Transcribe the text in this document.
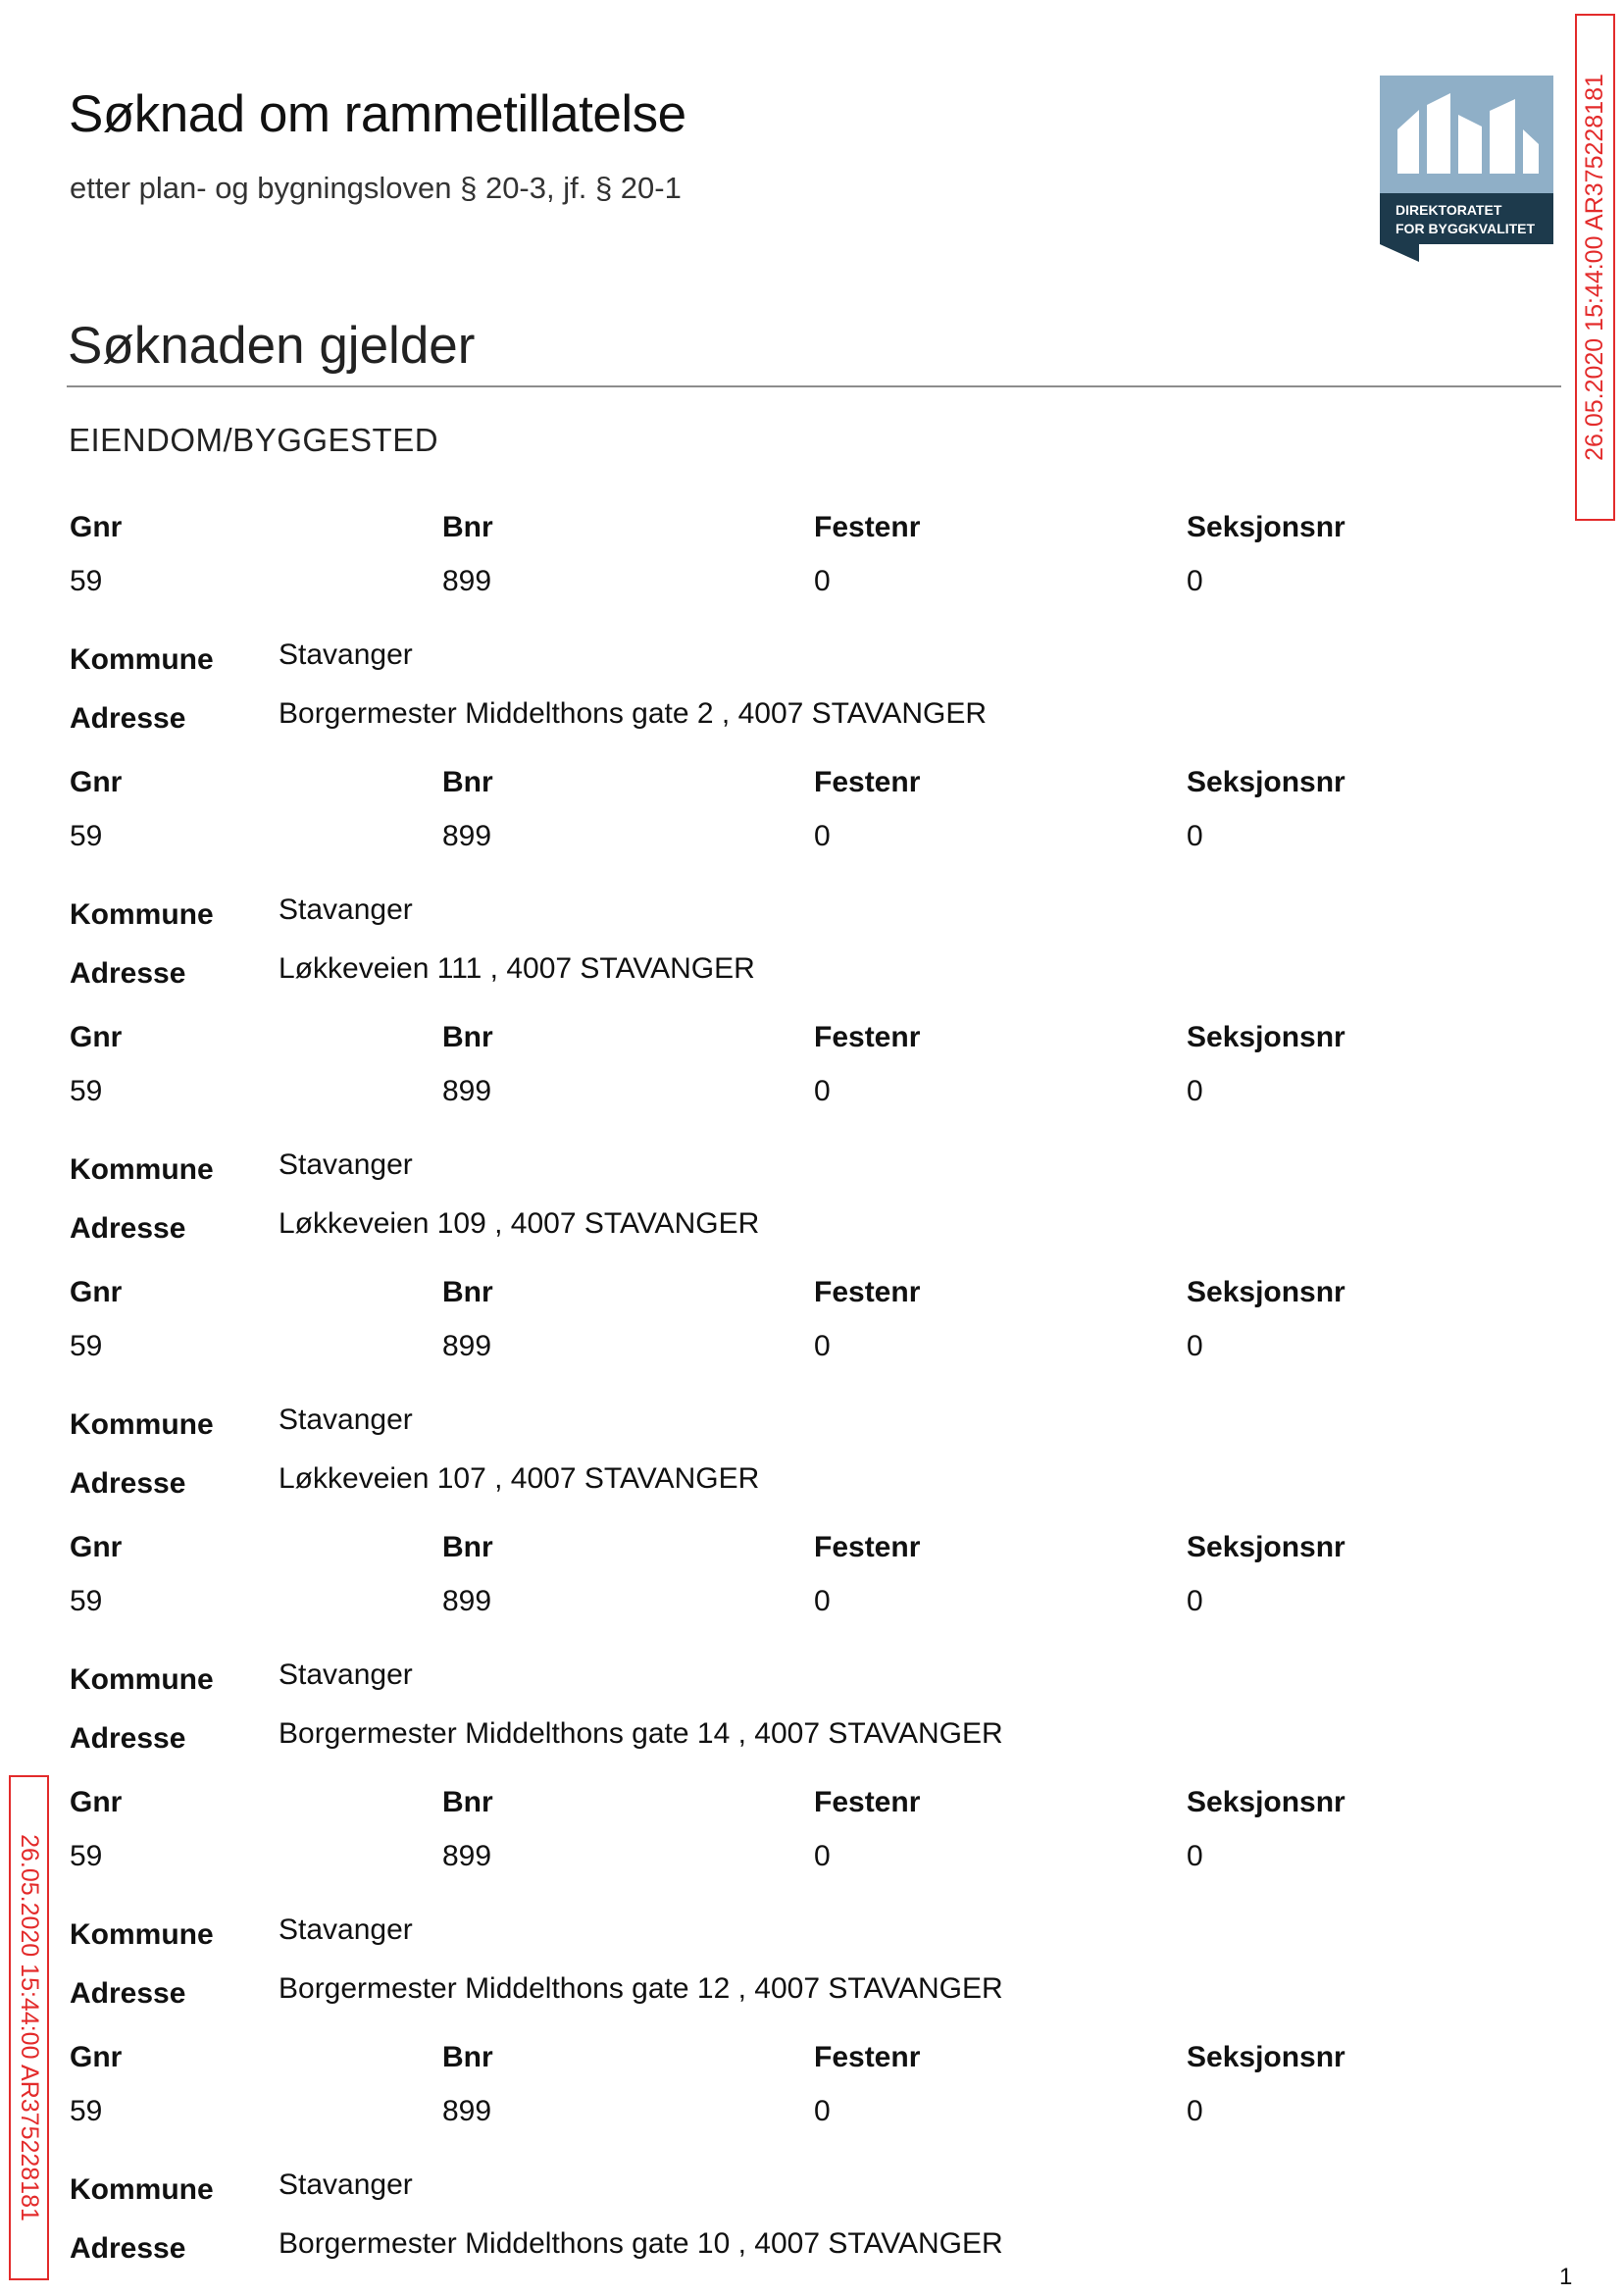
Søknad om rammetillatelse

etter plan- og bygningsloven § 20-3, jf. § 20-1

DIREKTORATET
FOR BYGGKVALITET 26.05.2020 15:44:00 AR375228181
26.05.2020 15:44:00 AR375228181
Søknaden gjelder
EIENDOM/BYGGESTED
Gnr	Bnr	Festenr	Seksjonsnr
59	899	0	0
Kommune Stavanger
Adresse	Borgermester Middelthons gate 2 , 4007 STAVANGER
Gnr	Bnr	Festenr	Seksjonsnr
59	899	0	0
Kommune Stavanger
Adresse	Løkkeveien 111 , 4007 STAVANGER
Gnr	Bnr	Festenr	Seksjonsnr
59	899	0	0
Kommune Stavanger
Adresse	Løkkeveien 109 , 4007 STAVANGER
Gnr	Bnr	Festenr	Seksjonsnr
59	899	0	0
Kommune Stavanger
Adresse	Løkkeveien 107 , 4007 STAVANGER
Gnr	Bnr	Festenr	Seksjonsnr
59	899	0	0
Kommune Stavanger
Adresse	Borgermester Middelthons gate 14 , 4007 STAVANGER
Gnr	Bnr	Festenr	Seksjonsnr
59	899	0	0
Kommune Stavanger
Adresse	Borgermester Middelthons gate 12 , 4007 STAVANGER
Gnr	Bnr	Festenr	Seksjonsnr
59	899	0	0
Kommune Stavanger
Adresse	Borgermester Middelthons gate 10 , 4007 STAVANGER
1
